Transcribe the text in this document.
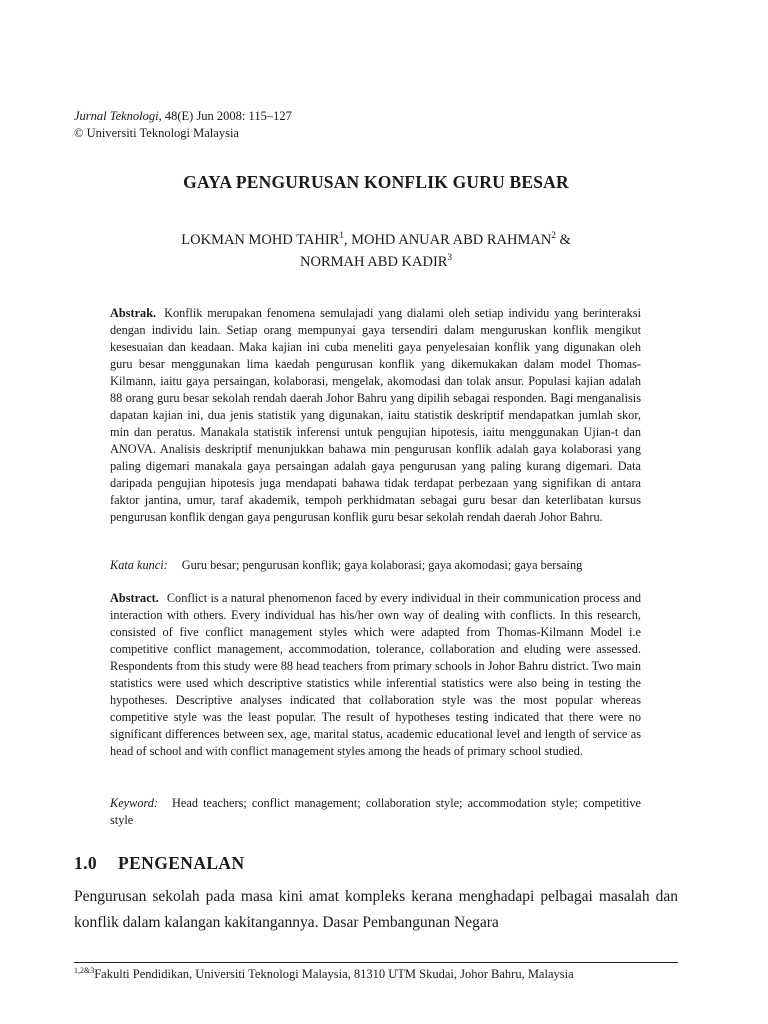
Jurnal Teknologi, 48(E) Jun 2008: 115–127
© Universiti Teknologi Malaysia
GAYA PENGURUSAN KONFLIK GURU BESAR
LOKMAN MOHD TAHIR$^1$, MOHD ANUAR ABD RAHMAN$^2$ &
NORMAH ABD KADIR$^3$
Abstrak. Konflik merupakan fenomena semulajadi yang dialami oleh setiap individu yang berinteraksi dengan individu lain. Setiap orang mempunyai gaya tersendiri dalam menguruskan konflik mengikut kesesuaian dan keadaan. Maka kajian ini cuba meneliti gaya penyelesaian konflik yang digunakan oleh guru besar menggunakan lima kaedah pengurusan konflik yang dikemukakan dalam model Thomas-Kilmann, iaitu gaya persaingan, kolaborasi, mengelak, akomodasi dan tolak ansur. Populasi kajian adalah 88 orang guru besar sekolah rendah daerah Johor Bahru yang dipilih sebagai responden. Bagi menganalisis dapatan kajian ini, dua jenis statistik yang digunakan, iaitu statistik deskriptif mendapatkan jumlah skor, min dan peratus. Manakala statistik inferensi untuk pengujian hipotesis, iaitu menggunakan Ujian-t dan ANOVA. Analisis deskriptif menunjukkan bahawa min pengurusan konflik adalah gaya kolaborasi yang paling digemari manakala gaya persaingan adalah gaya pengurusan yang paling kurang digemari. Data daripada pengujian hipotesis juga mendapati bahawa tidak terdapat perbezaan yang signifikan di antara faktor jantina, umur, taraf akademik, tempoh perkhidmatan sebagai guru besar dan keterlibatan kursus pengurusan konflik dengan gaya pengurusan konflik guru besar sekolah rendah daerah Johor Bahru.
Kata kunci: Guru besar; pengurusan konflik; gaya kolaborasi; gaya akomodasi; gaya bersaing
Abstract. Conflict is a natural phenomenon faced by every individual in their communication process and interaction with others. Every individual has his/her own way of dealing with conflicts. In this research, consisted of five conflict management styles which were adapted from Thomas-Kilmann Model i.e competitive conflict management, accommodation, tolerance, collaboration and eluding were assessed. Respondents from this study were 88 head teachers from primary schools in Johor Bahru district. Two main statistics were used which descriptive statistics while inferential statistics were also being in testing the hypotheses. Descriptive analyses indicated that collaboration style was the most popular whereas competitive style was the least popular. The result of hypotheses testing indicated that there were no significant differences between sex, age, marital status, academic educational level and length of service as head of school and with conflict management styles among the heads of primary school studied.
Keyword: Head teachers; conflict management; collaboration style; accommodation style; competitive style
1.0 PENGENALAN
Pengurusan sekolah pada masa kini amat kompleks kerana menghadapi pelbagai masalah dan konflik dalam kalangan kakitangannya. Dasar Pembangunan Negara
$^{1,2\&3}$Fakulti Pendidikan, Universiti Teknologi Malaysia, 81310 UTM Skudai, Johor Bahru, Malaysia
